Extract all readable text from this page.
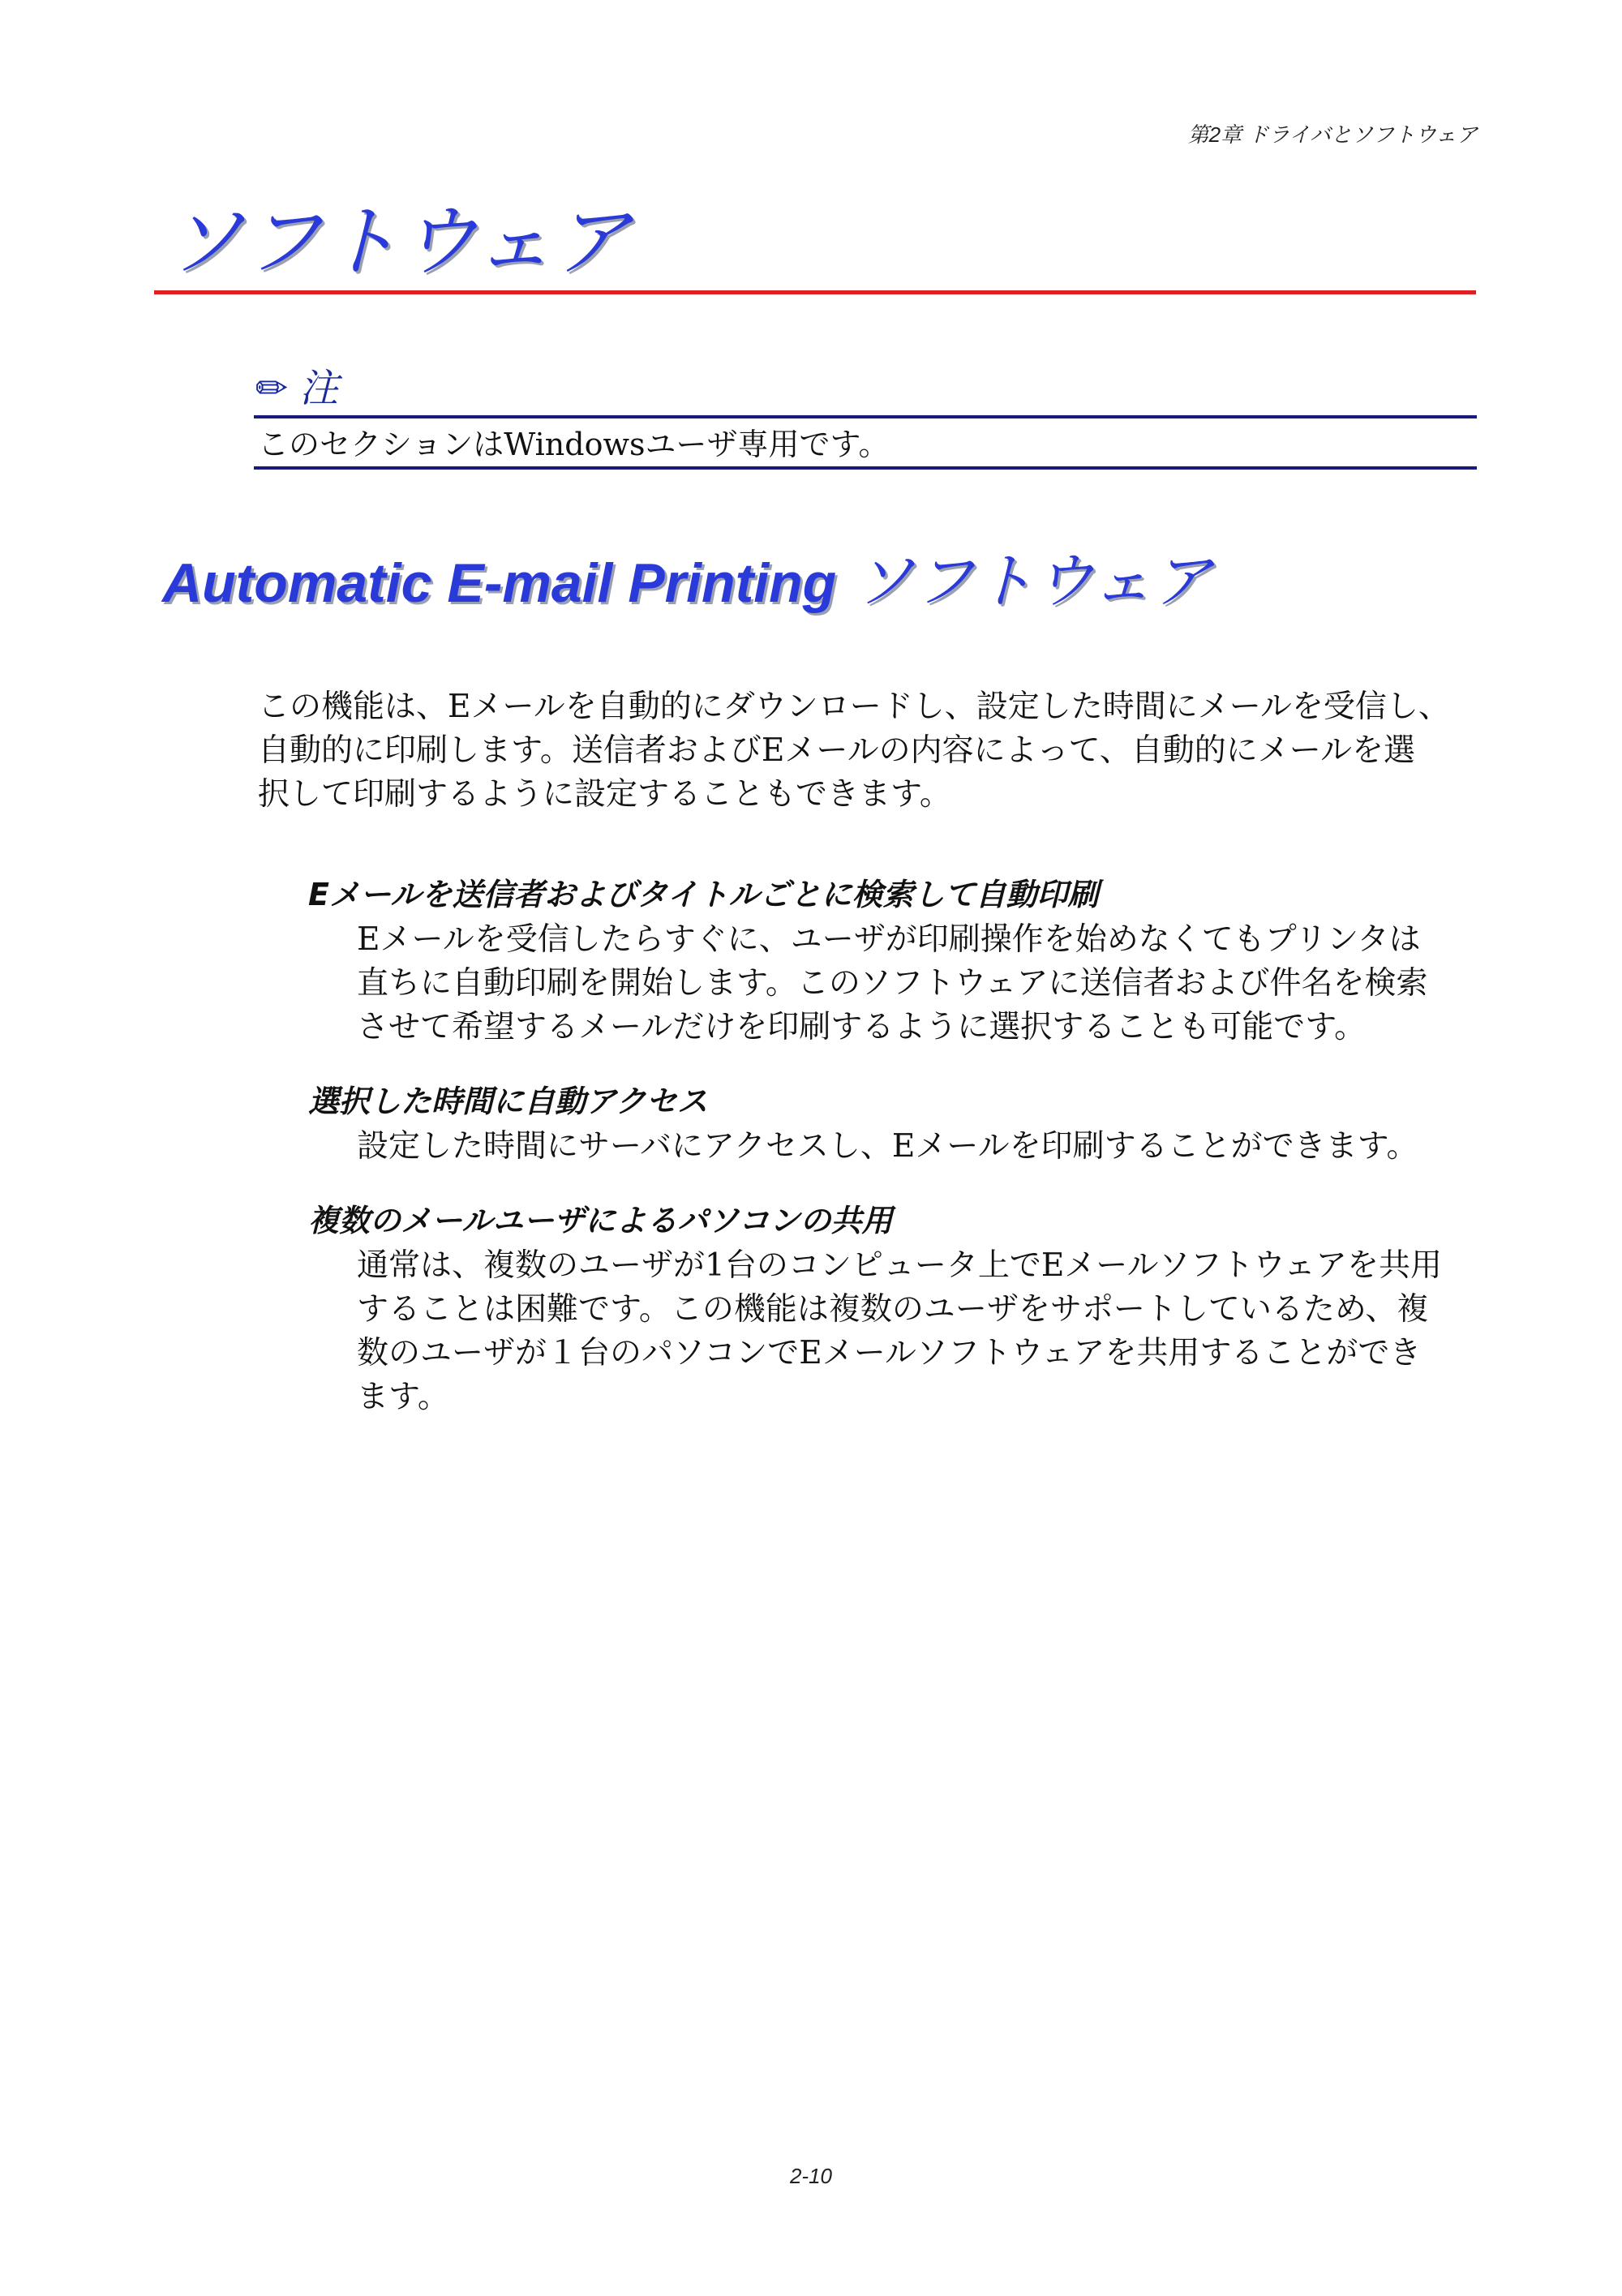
第2章 ドライバとソフトウェア
ソフトウェア
✏ 注
このセクションはWindowsユーザ専用です。
Automatic E-mail Printing ソフトウェア

この機能は、Eメールを自動的にダウンロードし、設定した時間にメールを受信し、

自動的に印刷します。送信者およびEメールの内容によって、自動的にメールを選

択して印刷するように設定することもできます。

Eメールを送信者およびタイトルごとに検索して自動印刷

Eメールを受信したらすぐに、ユーザが印刷操作を始めなくてもプリンタは

直ちに自動印刷を開始します。このソフトウェアに送信者および件名を検索

させて希望するメールだけを印刷するように選択することも可能です。

選択した時間に自動アクセス

設定した時間にサーバにアクセスし、Eメールを印刷することができます。

複数のメールユーザによるパソコンの共用

通常は、複数のユーザが1台のコンピュータ上でEメールソフトウェアを共用

することは困難です。この機能は複数のユーザをサポートしているため、複

数のユーザが１台のパソコンでEメールソフトウェアを共用することができ

ます。

2-10
